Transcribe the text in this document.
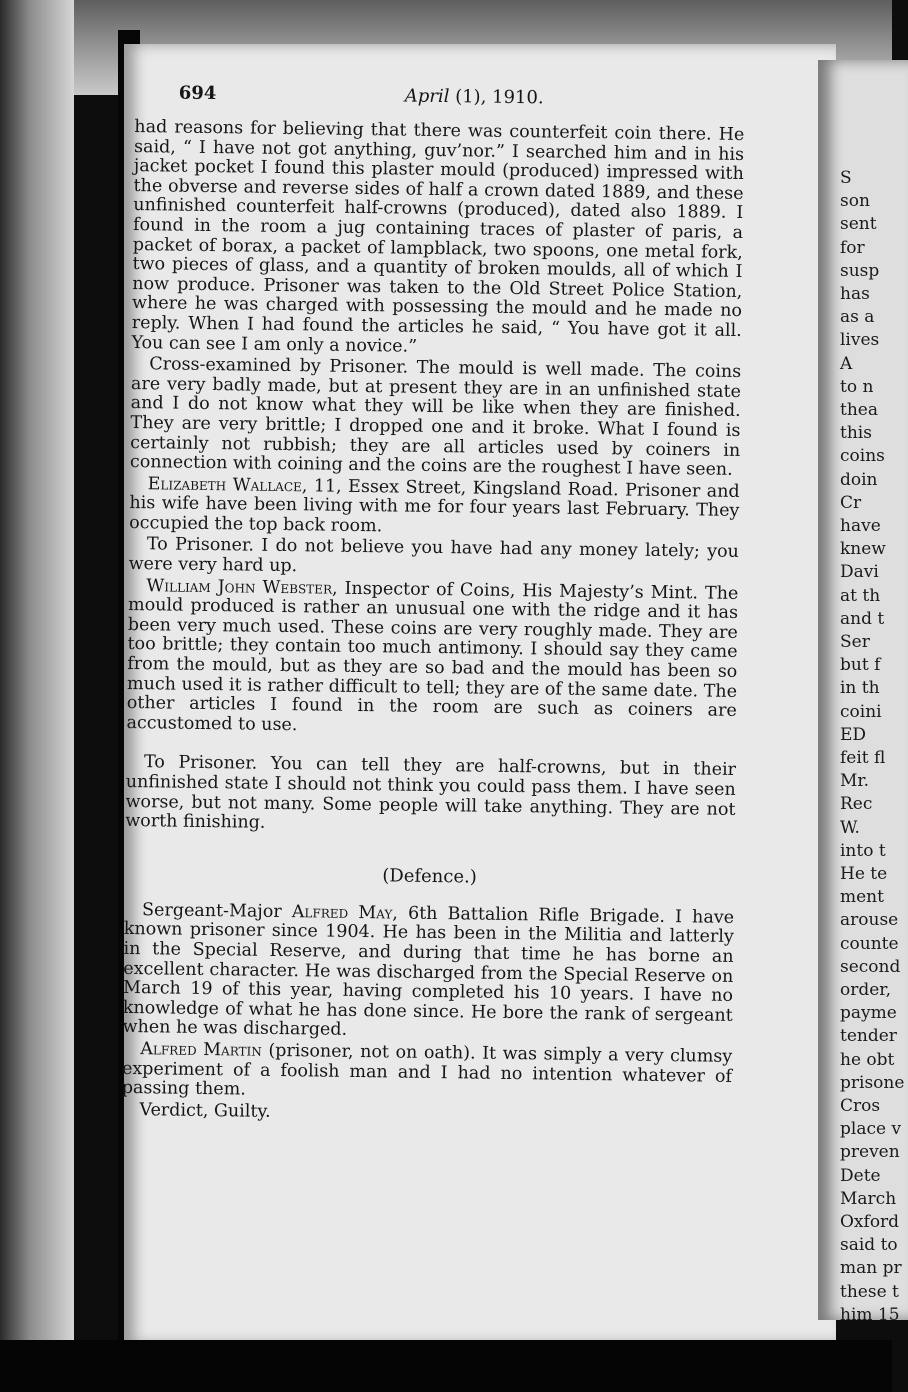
694	April (1), 1910.

had reasons for believing that there was counterfeit coin there. He said, “ I have not got anything, guv’nor.” I searched him and in his jacket pocket I found this plaster mould (produced) impressed with the obverse and reverse sides of half a crown dated 1889, and these unfinished counterfeit half-crowns (produced), dated also 1889. I found in the room a jug containing traces of plaster of paris, a packet of borax, a packet of lampblack, two spoons, one metal fork, two pieces of glass, and a quantity of broken moulds, all of which I now produce. Prisoner was taken to the Old Street Police Station, where he was charged with possessing the mould and he made no reply. When I had found the articles he said, “ You have got it all. You can see I am only a novice.”

Cross-examined by Prisoner. The mould is well made. The coins are very badly made, but at present they are in an unfinished state and I do not know what they will be like when they are finished. They are very brittle; I dropped one and it broke. What I found is certainly not rubbish; they are all articles used by coiners in connection with coining and the coins are the roughest I have seen.

Elizabeth Wallace, 11, Essex Street, Kingsland Road. Prisoner and his wife have been living with me for four years last February. They occupied the top back room.

To Prisoner. I do not believe you have had any money lately; you were very hard up.

William John Webster, Inspector of Coins, His Majesty’s Mint. The mould produced is rather an unusual one with the ridge and it has been very much used. These coins are very roughly made. They are too brittle; they contain too much antimony. I should say they came from the mould, but as they are so bad and the mould has been so much used it is rather difficult to tell; they are of the same date. The other articles I found in the room are such as coiners are accustomed to use.

To Prisoner. You can tell they are half-crowns, but in their unfinished state I should not think you could pass them. I have seen worse, but not many. Some people will take anything. They are not worth finishing.

(Defence.)

Sergeant-Major Alfred May, 6th Battalion Rifle Brigade. I have known prisoner since 1904. He has been in the Militia and latterly in the Special Reserve, and during that time he has borne an excellent character. He was discharged from the Special Reserve on March 19 of this year, having completed his 10 years. I have no knowledge of what he has done since. He bore the rank of sergeant when he was discharged.

Alfred Martin (prisoner, not on oath). It was simply a very clumsy experiment of a foolish man and I had no intention whatever of passing them.

Verdict, Guilty.

S
son
sent
for
susp
has
as a
lives
A
to n
thea
this
coins
doin
Cr
have
knew
Davi
at th
and t
Ser
but f
in th
coini
ED
feit fl
Mr.
Rec
W.
into t
He te
ment
arouse
counte
second
order,
payme
tender
he obt
prisone
Cros
place v
preven
Dete
March
Oxford
said to
man pr
these t
him 15
